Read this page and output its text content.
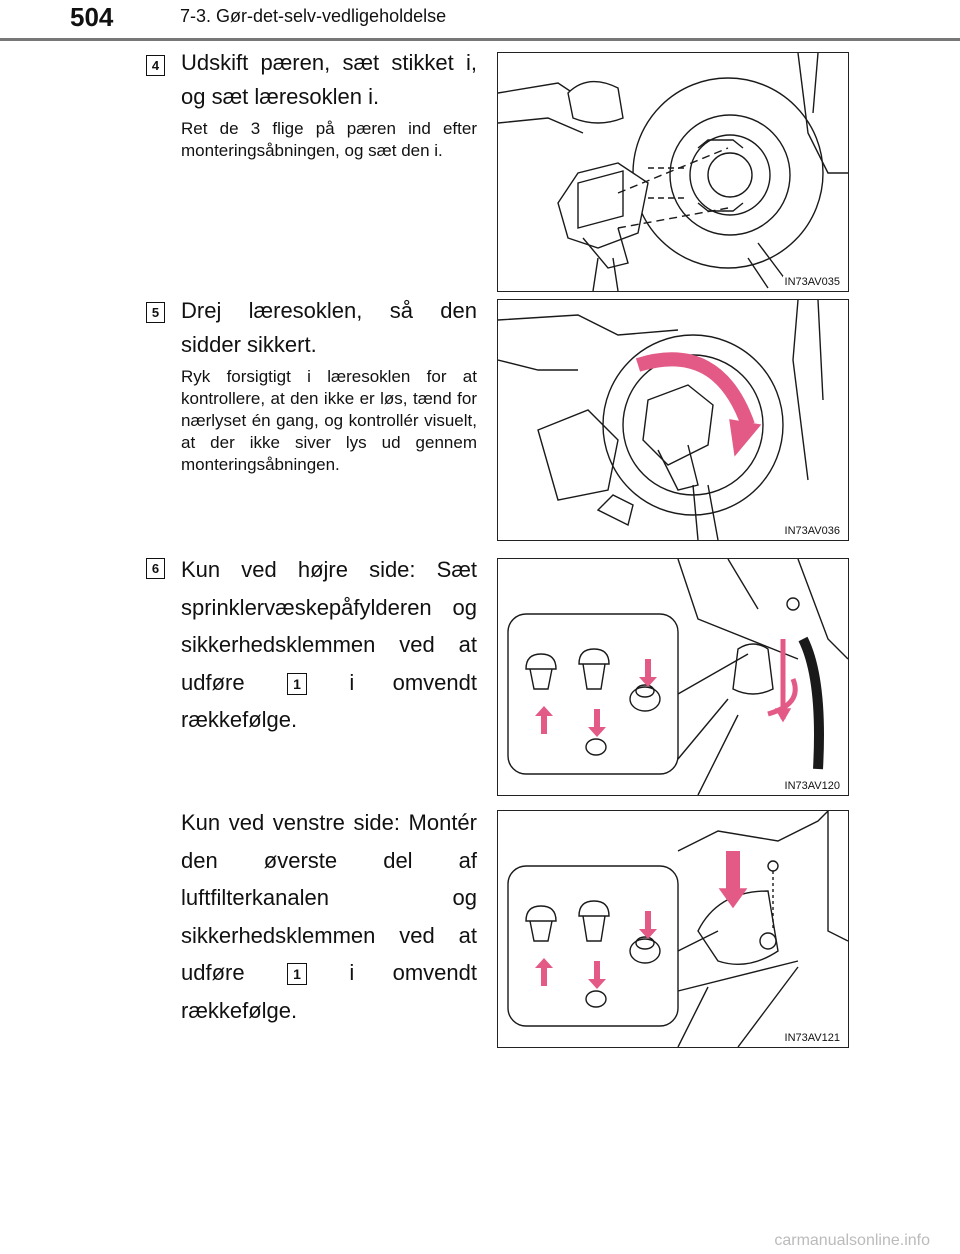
504	7-3. Gør-det-selv-vedligeholdelse
4 Udskift pæren, sæt stikket i, og sæt læresoklen i.
Ret de 3 flige på pæren ind efter monteringsåbningen, og sæt den i.
IN73AV035
5 Drej læresoklen, så den sidder sikkert.
Ryk forsigtigt i læresoklen for at kontrollere, at den ikke er løs, tænd for nærlyset én gang, og kontrollér visuelt, at der ikke siver lys ud gennem monteringsåbningen.
IN73AV036
6 Kun ved højre side: Sæt sprinklervæskepåfylderen og sikkerhedsklemmen ved at udføre	1 i omvendt rækkefølge.
IN73AV120
Kun ved venstre side: Montér den øverste del af luftfilterkanalen og sikkerhedsklemmen ved at udføre	1 i omvendt rækkefølge.
IN73AV121
carmanualsonline.info
